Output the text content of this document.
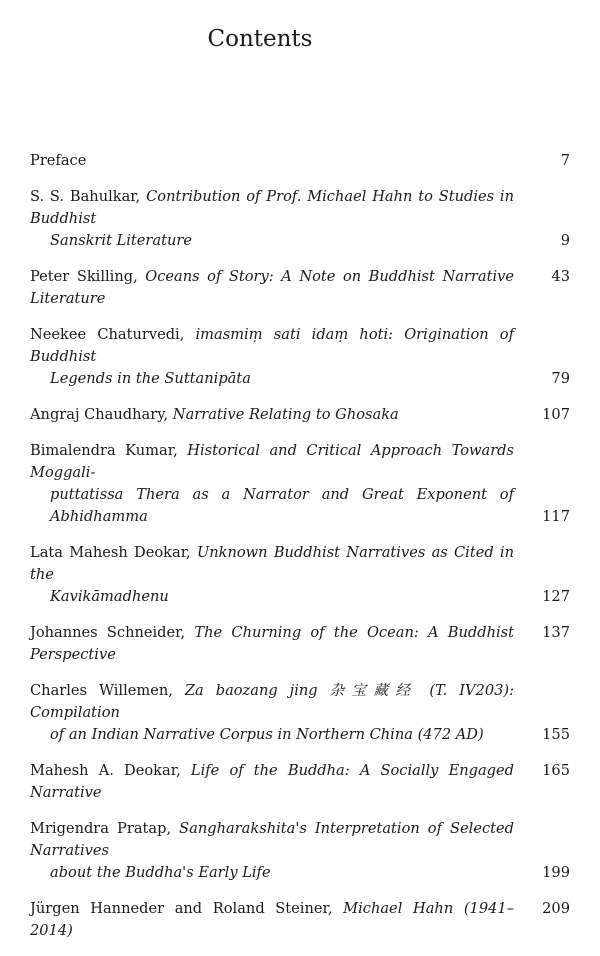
Contents
Preface	7
S. S. Bahulkar, Contribution of Prof. Michael Hahn to Studies in Buddhist
Sanskrit Literature	9
Peter Skilling, Oceans of Story: A Note on Buddhist Narrative Literature
43
Neekee Chaturvedi, imasmiṃ sati idaṃ hoti: Origination of Buddhist
Legends in the Suttanipāta	79
Angraj Chaudhary, Narrative Relating to Ghosaka	107
Bimalendra Kumar, Historical and Critical Approach Towards Moggali-
puttatissa Thera as a Narrator and Great Exponent of Abhidhamma	117
Lata Mahesh Deokar, Unknown Buddhist Narratives as Cited in the
Kavikāmadhenu	127
Johannes Schneider, The Churning of the Ocean: A Buddhist Perspective
137
Charles Willemen, Za baozang jing 杂宝藏经 (T. IV203): Compilation
of an Indian Narrative Corpus in Northern China (472 AD)	155
Mahesh A. Deokar, Life of the Buddha: A Socially Engaged Narrative
165
Mrigendra Pratap, Sangharakshita's Interpretation of Selected Narratives
about the Buddha's Early Life	199
Jürgen Hanneder and Roland Steiner, Michael Hahn (1941–2014)
209
